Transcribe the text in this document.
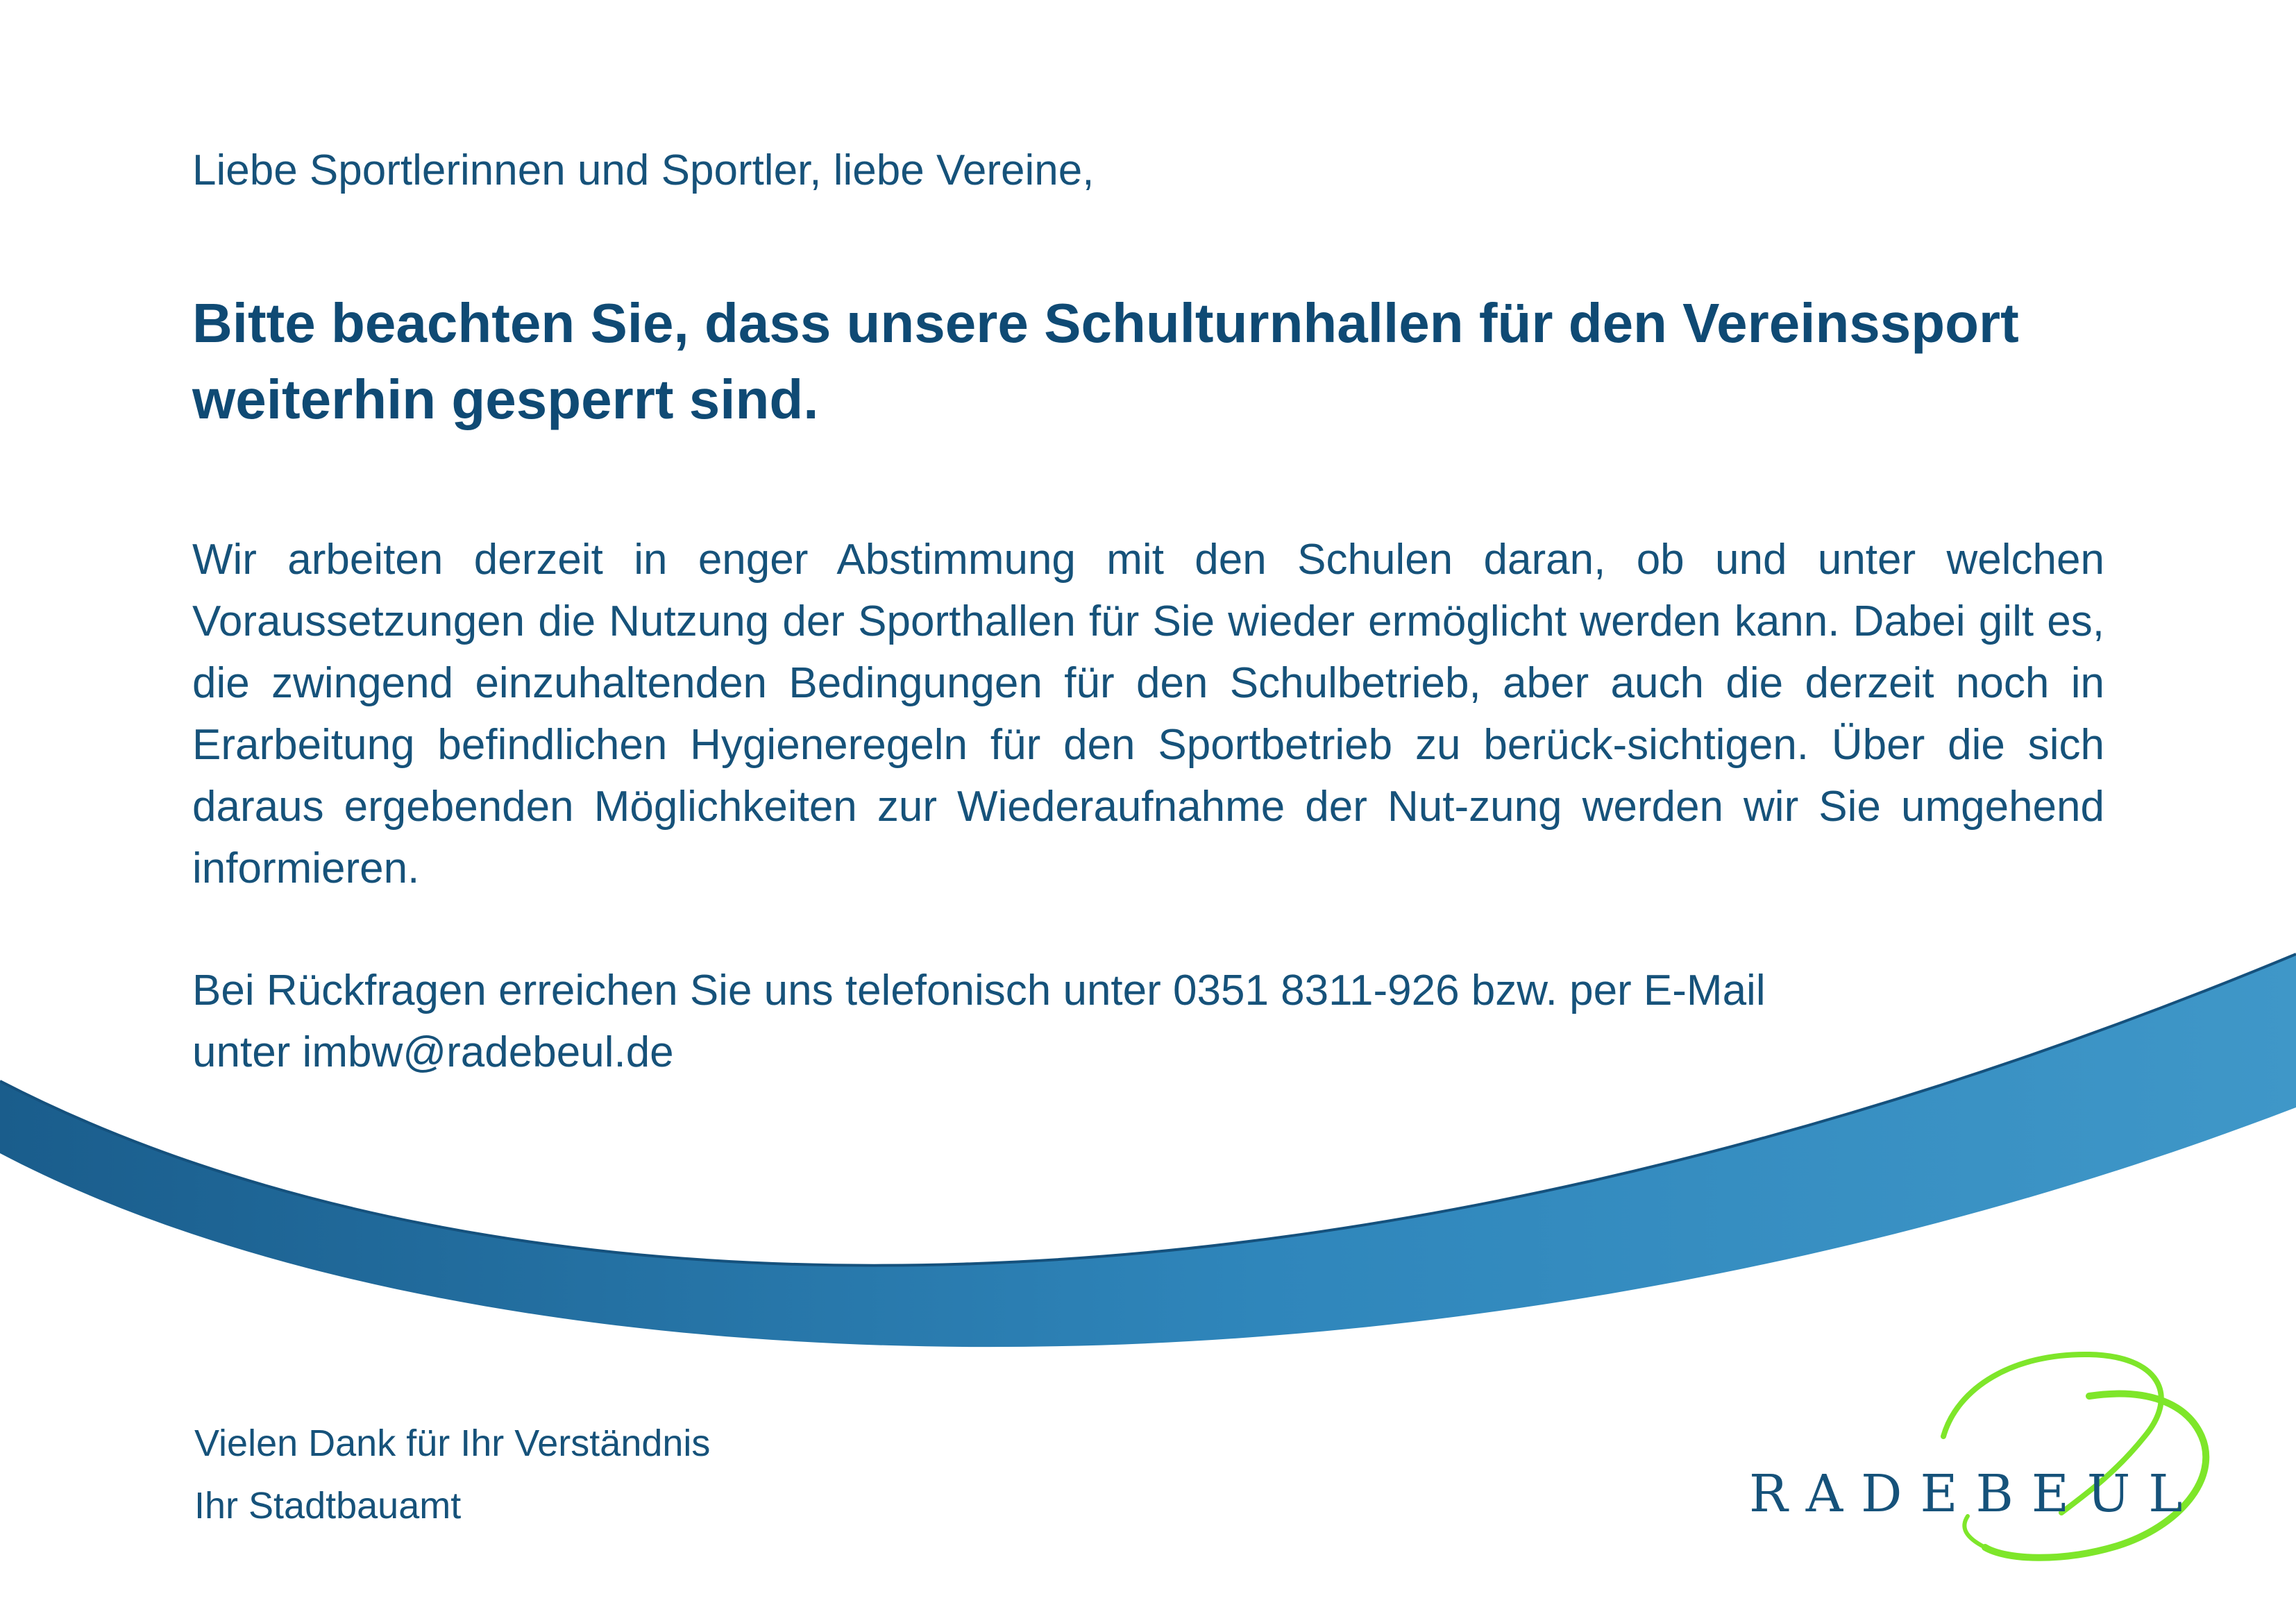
Liebe Sportlerinnen und Sportler, liebe Vereine,
Bitte beachten Sie, dass unsere Schulturnhallen für den Vereinssport weiterhin gesperrt sind.
Wir arbeiten derzeit in enger Abstimmung mit den Schulen daran, ob und unter welchen Voraussetzungen die Nutzung der Sporthallen für Sie wieder ermöglicht werden kann. Dabei gilt es, die zwingend einzuhaltenden Bedingungen für den Schulbetrieb, aber auch die derzeit noch in Erarbeitung befindlichen Hygieneregeln für den Sportbetrieb zu berück-sichtigen. Über die sich daraus ergebenden Möglichkeiten zur Wiederaufnahme der Nut-zung werden wir Sie umgehend informieren.
Bei Rückfragen erreichen Sie uns telefonisch unter 0351 8311-926 bzw. per E-Mail
unter imbw@radebeul.de
Vielen Dank für Ihr Verständnis
Ihr Stadtbauamt	RADEBEUL
